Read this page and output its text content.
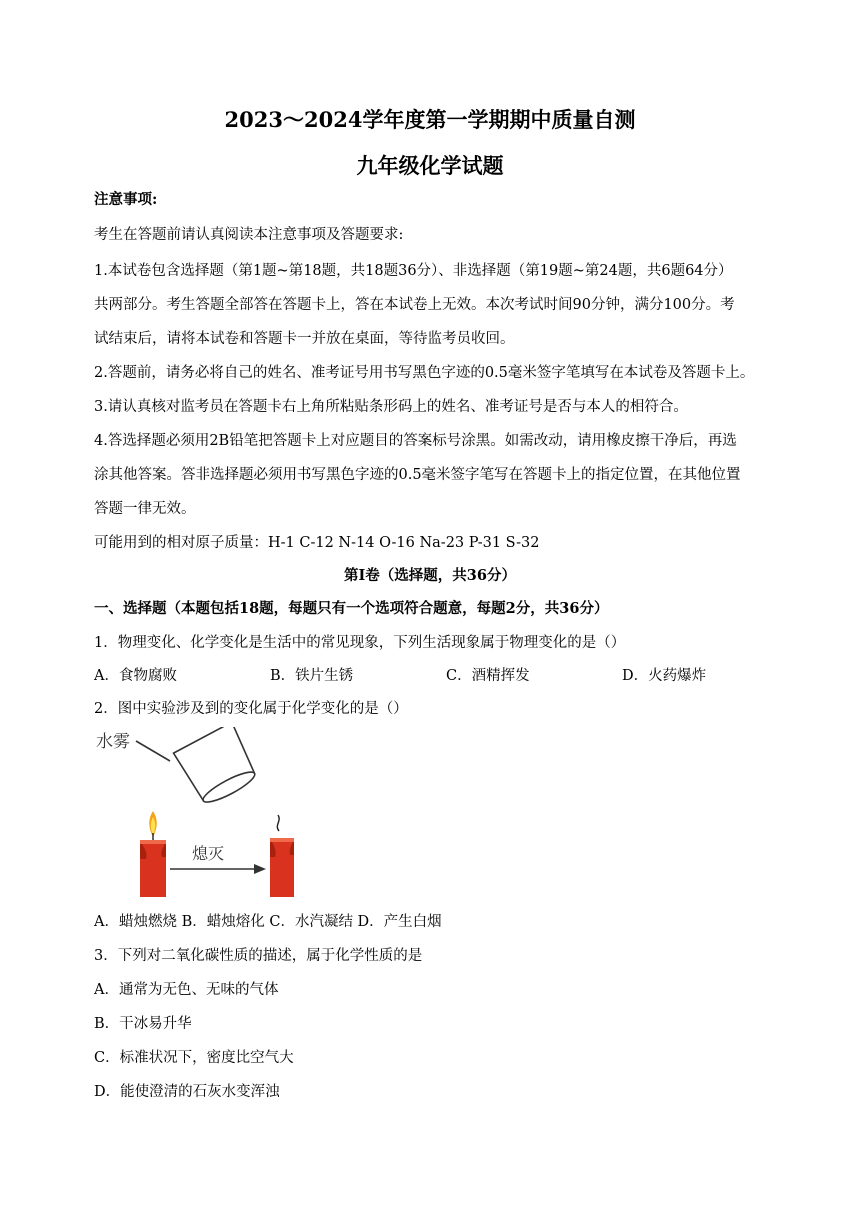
2023～2024学年度第一学期期中质量自测
九年级化学试题
注意事项:
考生在答题前请认真阅读本注意事项及答题要求:
1.本试卷包含选择题（第1题~第18题，共18题36分）、非选择题（第19题~第24题，共6题64分）
共两部分。考生答题全部答在答题卡上，答在本试卷上无效。本次考试时间90分钟，满分100分。考
试结束后，请将本试卷和答题卡一并放在桌面，等待监考员收回。
2.答题前，请务必将自己的姓名、准考证号用书写黑色字迹的0.5毫米签字笔填写在本试卷及答题卡上。
3.请认真核对监考员在答题卡右上角所粘贴条形码上的姓名、准考证号是否与本人的相符合。
4.答选择题必须用2B铅笔把答题卡上对应题目的答案标号涂黑。如需改动，请用橡皮擦干净后，再选
涂其他答案。答非选择题必须用书写黑色字迹的0.5毫米签字笔写在答题卡上的指定位置，在其他位置
答题一律无效。
可能用到的相对原子质量：H-1 C-12 N-14 O-16 Na-23 P-31 S-32
第Ⅰ卷（选择题，共36分）
一、选择题（本题包括18题，每题只有一个选项符合题意，每题2分，共36分）
1．物理变化、化学变化是生活中的常见现象，下列生活现象属于物理变化的是（）
A．食物腐败	B．铁片生锈	C．酒精挥发	D．火药爆炸
2．图中实验涉及到的变化属于化学变化的是（）
水雾
熄灭
A．蜡烛燃烧 B．蜡烛熔化 C．水汽凝结 D．产生白烟
3．下列对二氧化碳性质的描述，属于化学性质的是
A．通常为无色、无味的气体
B．干冰易升华
C．标准状况下，密度比空气大
D．能使澄清的石灰水变浑浊
